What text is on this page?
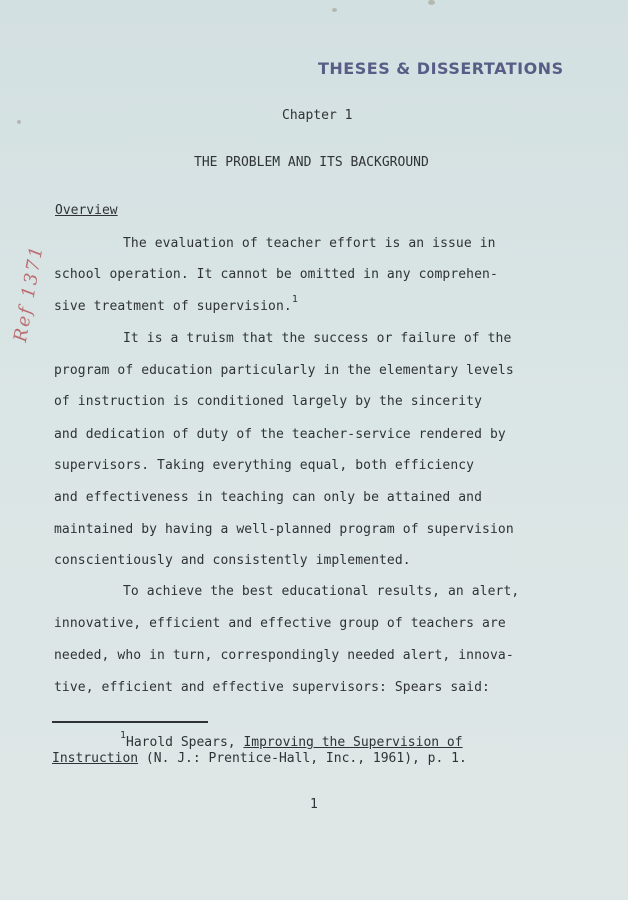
THESES & DISSERTATIONS
Chapter 1
THE PROBLEM AND ITS BACKGROUND
Overview
The evaluation of teacher effort is an issue in
school operation. It cannot be omitted in any comprehen-
sive treatment of supervision.$^1$
It is a truism that the success or failure of the
program of education particularly in the elementary levels
of instruction is conditioned largely by the sincerity
and dedication of duty of the teacher-service rendered by
supervisors. Taking everything equal, both efficiency
and effectiveness in teaching can only be attained and
maintained by having a well-planned program of supervision
conscientiously and consistently implemented.
To achieve the best educational results, an alert,
innovative, efficient and effective group of teachers are
needed, who in turn, correspondingly needed alert, innova-
tive, efficient and effective supervisors: Spears said:
Ref 1371
$^1$Harold Spears, Improving the Supervision of
Instruction (N. J.: Prentice-Hall, Inc., 1961), p. 1.
1
